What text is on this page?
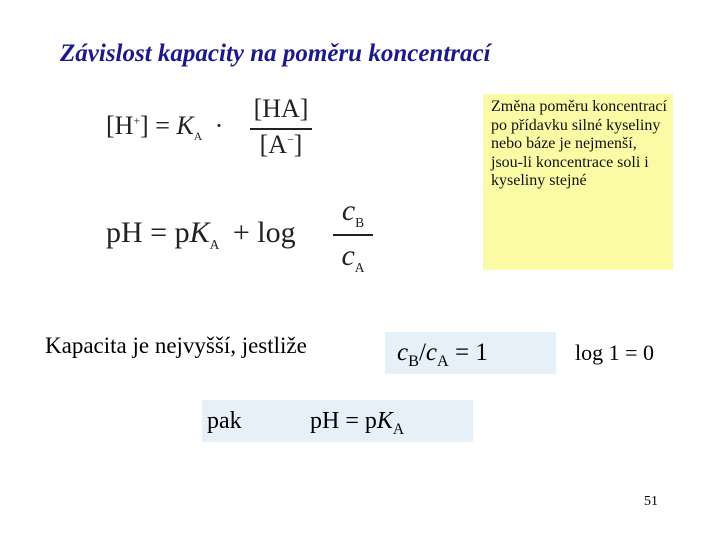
Závislost kapacity na poměru koncentrací
$[H^+] = K_A$ ·
[HA]
[A−]
pH = $pK_A + \log$
$c_B$
$c_A$
Změna poměru koncentrací po přídavku silné kyseliny nebo báze je nejmenší, jsou-li koncentrace soli i kyseliny stejné
Kapacita je nejvyšší, jestliže	$c_B/c_A = 1$	log 1 = 0
pak	pH = $pK_A$
51
